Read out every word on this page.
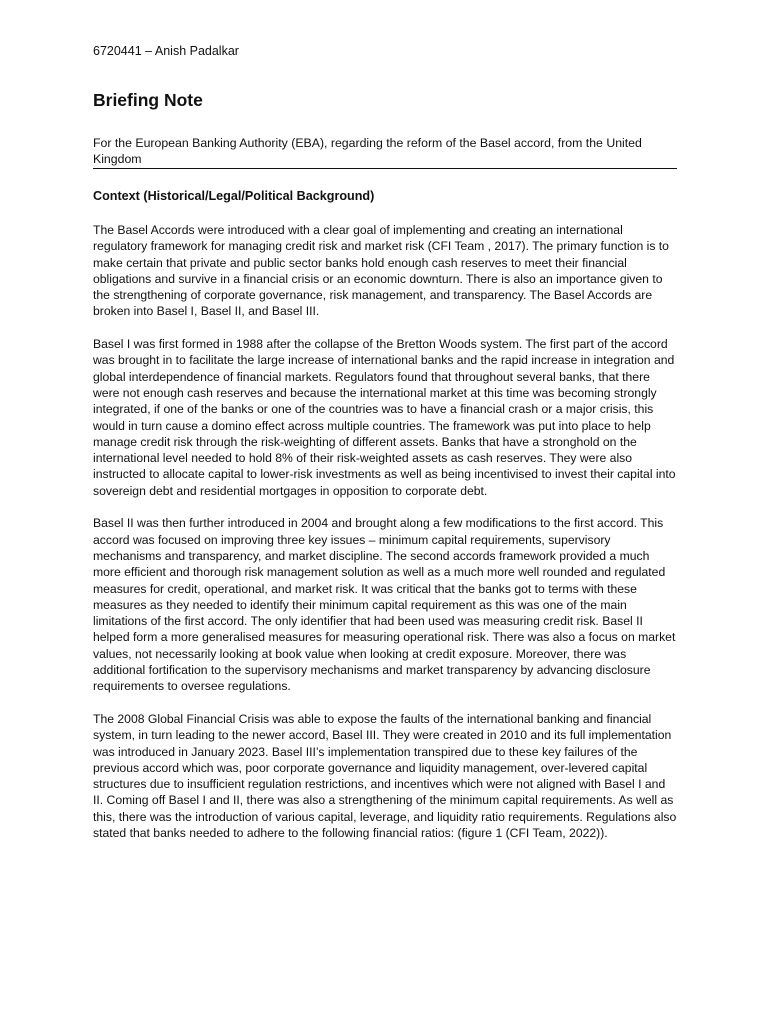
6720441 – Anish Padalkar
Briefing Note
For the European Banking Authority (EBA), regarding the reform of the Basel accord, from the United Kingdom
Context (Historical/Legal/Political Background)

The Basel Accords were introduced with a clear goal of implementing and creating an international regulatory framework for managing credit risk and market risk (CFI Team , 2017). The primary function is to make certain that private and public sector banks hold enough cash reserves to meet their financial obligations and survive in a financial crisis or an economic downturn. There is also an importance given to the strengthening of corporate governance, risk management, and transparency. The Basel Accords are broken into Basel I, Basel II, and Basel III.

Basel I was first formed in 1988 after the collapse of the Bretton Woods system. The first part of the accord was brought in to facilitate the large increase of international banks and the rapid increase in integration and global interdependence of financial markets. Regulators found that throughout several banks, that there were not enough cash reserves and because the international market at this time was becoming strongly integrated, if one of the banks or one of the countries was to have a financial crash or a major crisis, this would in turn cause a domino effect across multiple countries. The framework was put into place to help manage credit risk through the risk-weighting of different assets. Banks that have a stronghold on the international level needed to hold 8% of their risk-weighted assets as cash reserves. They were also instructed to allocate capital to lower-risk investments as well as being incentivised to invest their capital into sovereign debt and residential mortgages in opposition to corporate debt.

Basel II was then further introduced in 2004 and brought along a few modifications to the first accord. This accord was focused on improving three key issues – minimum capital requirements, supervisory mechanisms and transparency, and market discipline. The second accords framework provided a much more efficient and thorough risk management solution as well as a much more well rounded and regulated measures for credit, operational, and market risk. It was critical that the banks got to terms with these measures as they needed to identify their minimum capital requirement as this was one of the main limitations of the first accord. The only identifier that had been used was measuring credit risk. Basel II helped form a more generalised measures for measuring operational risk. There was also a focus on market values, not necessarily looking at book value when looking at credit exposure. Moreover, there was additional fortification to the supervisory mechanisms and market transparency by advancing disclosure requirements to oversee regulations.

The 2008 Global Financial Crisis was able to expose the faults of the international banking and financial system, in turn leading to the newer accord, Basel III. They were created in 2010 and its full implementation was introduced in January 2023. Basel III’s implementation transpired due to these key failures of the previous accord which was, poor corporate governance and liquidity management, over-levered capital structures due to insufficient regulation restrictions, and incentives which were not aligned with Basel I and II. Coming off Basel I and II, there was also a strengthening of the minimum capital requirements. As well as this, there was the introduction of various capital, leverage, and liquidity ratio requirements. Regulations also stated that banks needed to adhere to the following financial ratios: (figure 1 (CFI Team, 2022)).
